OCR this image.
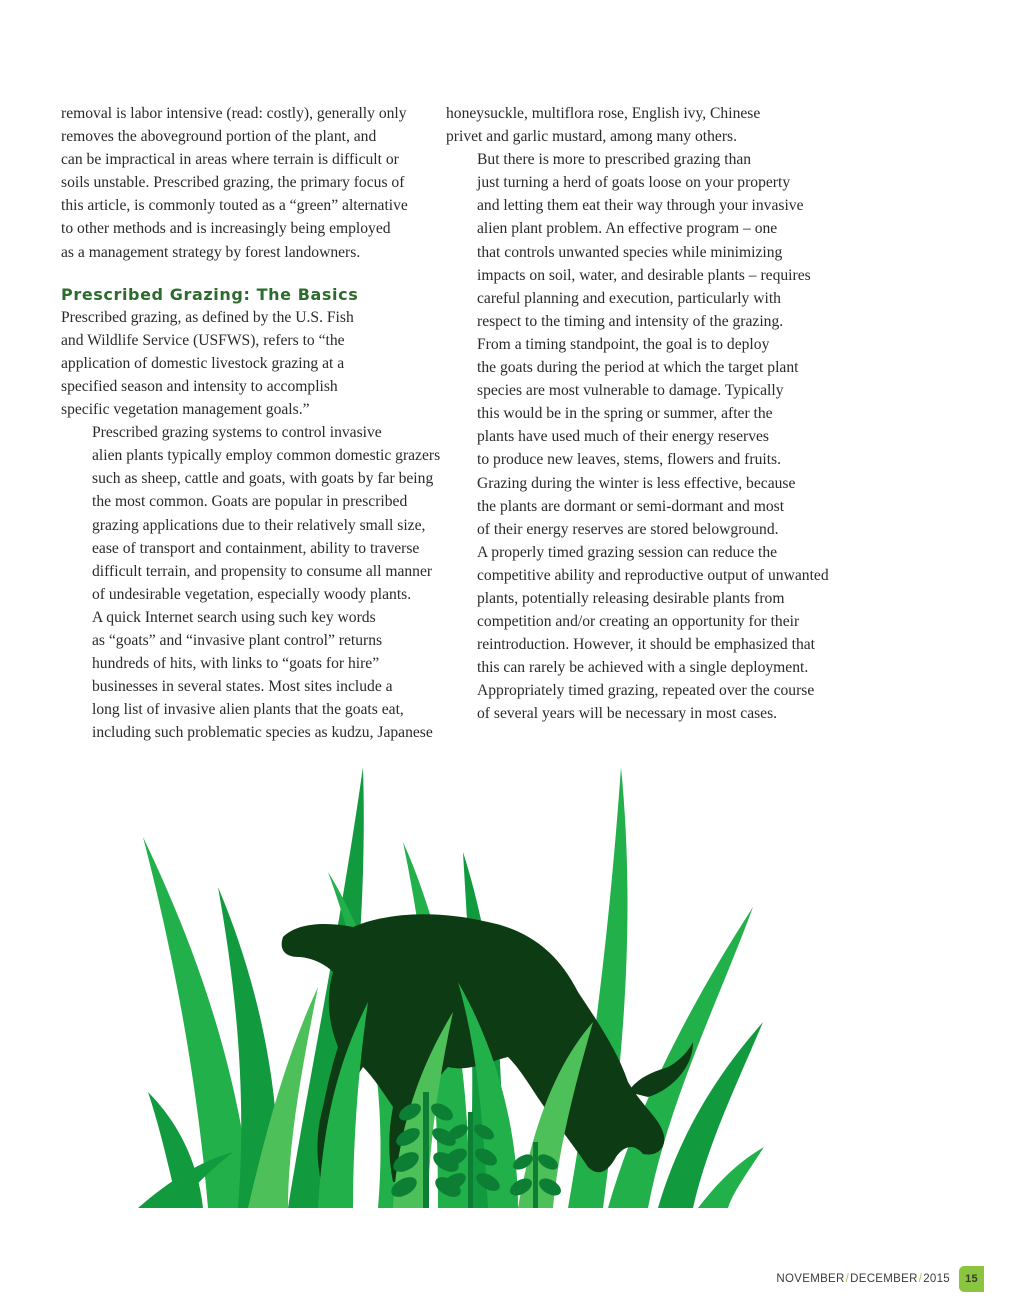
removal is labor intensive (read: costly), generally only
removes the aboveground portion of the plant, and
can be impractical in areas where terrain is difficult or
soils unstable. Prescribed grazing, the primary focus of
this article, is commonly touted as a “green” alternative
to other methods and is increasingly being employed
as a management strategy by forest landowners.

Prescribed Grazing: The Basics

Prescribed grazing, as defined by the U.S. Fish
and Wildlife Service (USFWS), refers to “the
application of domestic livestock grazing at a
specified season and intensity to accomplish
specific vegetation management goals.”

Prescribed grazing systems to control invasive
alien plants typically employ common domestic grazers
such as sheep, cattle and goats, with goats by far being
the most common. Goats are popular in prescribed
grazing applications due to their relatively small size,
ease of transport and containment, ability to traverse
difficult terrain, and propensity to consume all manner
of undesirable vegetation, especially woody plants.

A quick Internet search using such key words
as “goats” and “invasive plant control” returns
hundreds of hits, with links to “goats for hire”
businesses in several states. Most sites include a
long list of invasive alien plants that the goats eat,
including such problematic species as kudzu, Japanese

honeysuckle, multiflora rose, English ivy, Chinese
privet and garlic mustard, among many others.

But there is more to prescribed grazing than
just turning a herd of goats loose on your property
and letting them eat their way through your invasive
alien plant problem. An effective program – one
that controls unwanted species while minimizing
impacts on soil, water, and desirable plants – requires
careful planning and execution, particularly with
respect to the timing and intensity of the grazing.

From a timing standpoint, the goal is to deploy
the goats during the period at which the target plant
species are most vulnerable to damage. Typically
this would be in the spring or summer, after the
plants have used much of their energy reserves
to produce new leaves, stems, flowers and fruits.
Grazing during the winter is less effective, because
the plants are dormant or semi-dormant and most
of their energy reserves are stored belowground.

A properly timed grazing session can reduce the
competitive ability and reproductive output of unwanted
plants, potentially releasing desirable plants from
competition and/or creating an opportunity for their
reintroduction. However, it should be emphasized that
this can rarely be achieved with a single deployment.
Appropriately timed grazing, repeated over the course
of several years will be necessary in most cases.

NOVEMBER / DECEMBER / 2015	15
